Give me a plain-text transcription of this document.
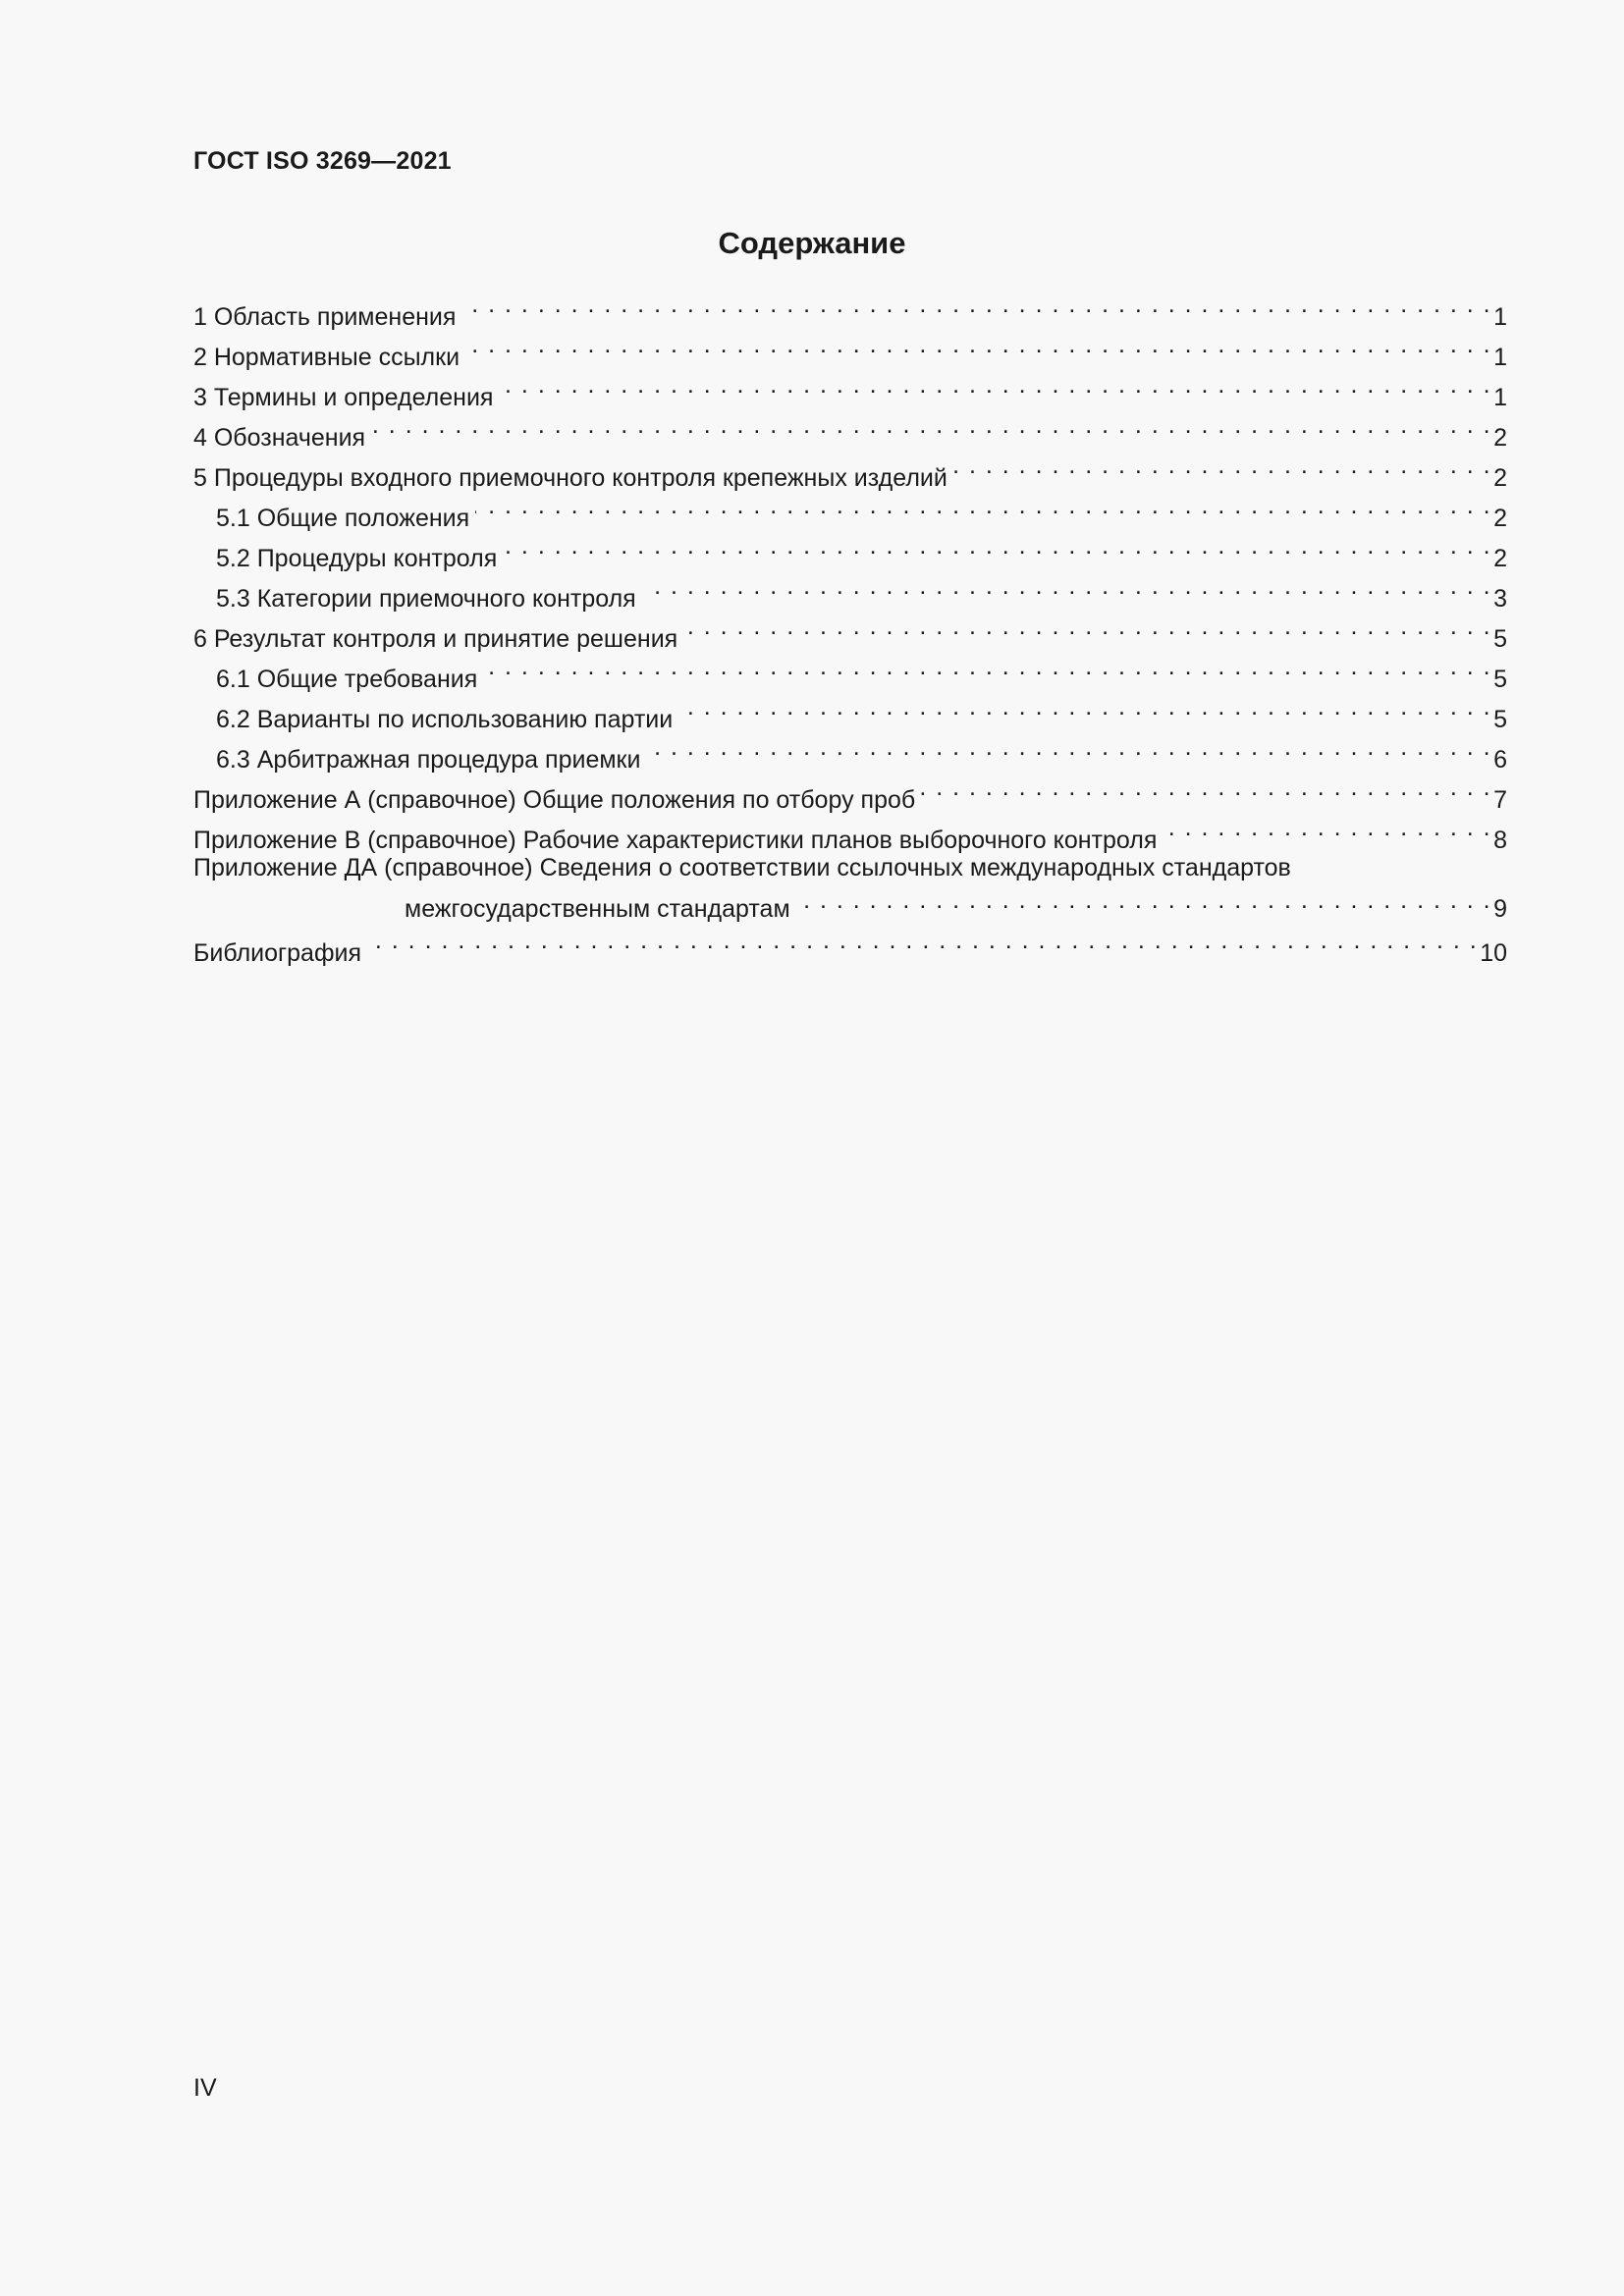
ГОСТ ISO 3269—2021
Содержание
1 Область применения . . .	1
2 Нормативные ссылки . . .	1
3 Термины и определения . . .	1
4 Обозначения . . .	2
5 Процедуры входного приемочного контроля крепежных изделий . . .	2
5.1 Общие положения . . .	2
5.2 Процедуры контроля . . .	2
5.3 Категории приемочного контроля . . .	3
6 Результат контроля и принятие решения . . .	5
6.1 Общие требования . . .	5
6.2 Варианты по использованию партии . . .	5
6.3 Арбитражная процедура приемки . . .	6
Приложение А (справочное) Общие положения по отбору проб . . .	7
Приложение В (справочное) Рабочие характеристики планов выборочного контроля . . .	8
Приложение ДА (справочное) Сведения о соответствии ссылочных международных стандартов
межгосударственным стандартам . . .	9
Библиография . . .	10
IV
